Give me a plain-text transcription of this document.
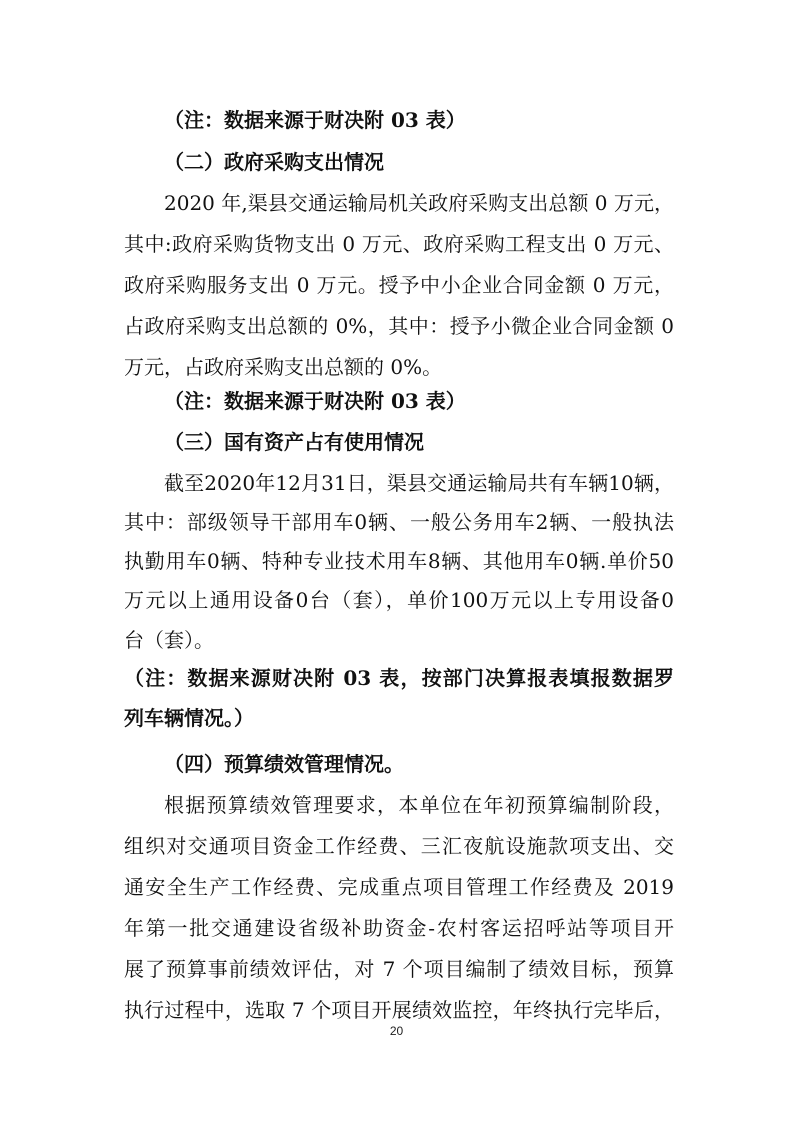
（注：数据来源于财决附 03 表）
（二）政府采购支出情况
2020 年,渠县交通运输局机关政府采购支出总额 0 万元，
其中:政府采购货物支出 0 万元、政府采购工程支出 0 万元、
政府采购服务支出 0 万元。授予中小企业合同金额 0 万元，
占政府采购支出总额的 0%，其中：授予小微企业合同金额 0
万元，占政府采购支出总额的 0%。
（注：数据来源于财决附 03 表）
（三）国有资产占有使用情况
截至2020年12月31日，渠县交通运输局共有车辆10辆，
其中：部级领导干部用车0辆、一般公务用车2辆、一般执法
执勤用车0辆、特种专业技术用车8辆、其他用车0辆.单价50
万元以上通用设备0台（套），单价100万元以上专用设备0
台（套）。
（注：数据来源财决附 03 表，按部门决算报表填报数据罗
列车辆情况。）
（四）预算绩效管理情况。
根据预算绩效管理要求，本单位在年初预算编制阶段，
组织对交通项目资金工作经费、三汇夜航设施款项支出、交
通安全生产工作经费、完成重点项目管理工作经费及 2019
年第一批交通建设省级补助资金-农村客运招呼站等项目开
展了预算事前绩效评估，对 7 个项目编制了绩效目标，预算
执行过程中，选取 7 个项目开展绩效监控，年终执行完毕后，
20
